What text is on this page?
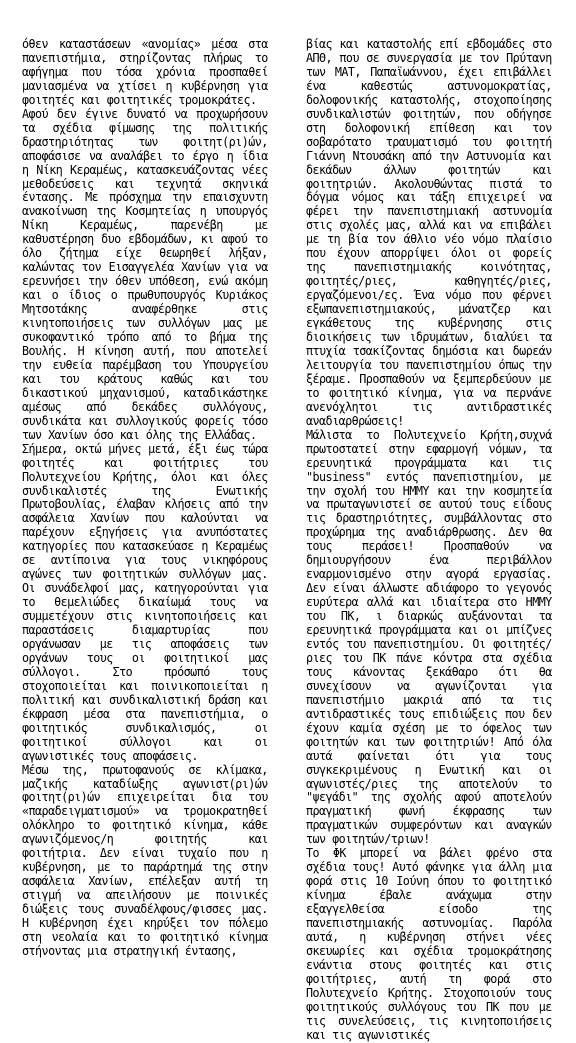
όθεν καταστάσεων «ανομίας» μέσα στα πανεπιστήμια, στηρίζοντας πλήρως το αφήγημα που τόσα χρόνια προσπαθεί μανιασμένα να χτίσει η κυβέρνηση για φοιτητές και φοιτητικές τρομοκράτες.

Αφού δεν έγινε δυνατό να προχωρήσουν τα σχέδια φίμωσης της πολιτικής δραστηριότητας των φοιτητ(ρι)ών, αποφάσισε να αναλάβει το έργο η ίδια η Νίκη Κεραμέως, κατασκευάζοντας νέες μεθοδεύσεις και τεχνητά σκηνικά έντασης. Με πρόσχημα την επαισχυντη ανακοίνωση της Κοσμητείας η υπουργός Νίκη Κεραμέως, παρενέβη με καθυστέρηση δυο εβδομάδων, κι αφού το όλο ζήτημα είχε θεωρηθεί λήξαν, καλώντας τον Εισαγγελέα Χανίων για να ερευνήσει την όθεν υπόθεση, ενώ ακόμη και ο ίδιος ο πρωθυπουργός Κυριάκος Μητσοτάκης αναφέρθηκε στις κινητοποιήσεις των συλλόγων μας με συκοφαντικό τρόπο από το βήμα της Βουλής. Η κίνηση αυτή, που αποτελεί την ευθεία παρέμβαση του Υπουργείου και του κράτους καθώς και του δικαστικού μηχανισμού, καταδικάστηκε αμέσως από δεκάδες συλλόγους, συνδικάτα και συλλογικούς φορείς τόσο των Χανίων όσο και όλης της Ελλάδας.

Σήμερα, οκτώ μήνες μετά, έξι έως τώρα φοιτητές και φοιτήτριες του Πολυτεχνείου Κρήτης, όλοι και όλες συνδικαλιστές της Ενωτικής Πρωτοβουλίας, έλαβαν κλήσεις από την ασφάλεια Χανίων που καλούνται να παρέχουν εξηγήσεις για ανυπόστατες κατηγορίες που κατασκεύασε η Κεραμέως σε αντίποινα για τους νικηφόρους αγώνες των φοιτητικών συλλόγων μας. Οι συνάδελφοί μας, κατηγορούνται για το θεμελιώδες δικαίωμά τους να συμμετέχουν στις κινητοποιήσεις και παραστάσεις διαμαρτυρίας που οργάνωσαν με τις αποφάσεις των οργάνων τους οι φοιτητικοί μας σύλλογοι. Στο πρόσωπό τους στοχοποιείται και ποινικοποιείται η πολιτική και συνδικαλιστική δράση και έκφραση μέσα στα πανεπιστήμια, ο φοιτητικός συνδικαλισμός, οι φοιτητικοί σύλλογοι και οι αγωνιστικές τους αποφάσεις.

Μέσω της, πρωτοφανούς σε κλίμακα, μαζικής καταδίωξης αγωνιστ(ρι)ών φοιτητ(ρι)ών επιχειρείται δια του «παραδειγματισμού» να τρομοκρατηθεί ολόκληρο το φοιτητικό κίνημα, κάθε αγωνιζόμενος/η φοιτητής και φοιτήτρια. Δεν είναι τυχαίο που η κυβέρνηση, με το παράρτημά της στην ασφάλεια Χανίων, επέλεξαν αυτή τη στιγμή να απειλήσουν με ποινικές διώξεις τους συναδέλφους/φισσες μας. Η κυβέρνηση έχει κηρύξει τον πόλεμο στη νεολαία και το φοιτητικό κίνημα στήνοντας μια στρατηγική έντασης,

βίας και καταστολής επί εβδομάδες στο ΑΠΘ, που σε συνεργασία με τον Πρύτανη των ΜΑΤ, Παπαϊωάννου, έχει επιβάλλει ένα καθεστώς αστυνομοκρατίας, δολοφονικής καταστολής, στοχοποίησης συνδικαλιστών φοιτητών, που οδήγησε στη δολοφονική επίθεση και τον σοβαρότατο τραυματισμό του φοιτητή Γιάννη Ντουσάκη από την Αστυνομία και δεκάδων άλλων φοιτητών και φοιτητριών. Ακολουθώντας πιστά το δόγμα νόμος και τάξη επιχειρεί να φέρει την πανεπιστημιακή αστυνομία στις σχολές μας, αλλά και να επιβάλει με τη βία τον άθλιο νέο νόμο πλαίσιο που έχουν απορρίψει όλοι οι φορείς της πανεπιστημιακής κοινότητας, φοιτητές/ριες, καθηγητές/ριες, εργαζόμενοι/ες. Ένα νόμο που φέρνει εξωπανεπιστημιακούς, μάνατζερ και εγκάθετους της κυβέρνησης στις διοικήσεις των ιδρυμάτων, διαλύει τα πτυχία τσακίζοντας δημόσια και δωρεάν λειτουργία του πανεπιστημίου όπως την ξέραμε. Προσπαθούν να ξεμπερδεύουν με το φοιτητικό κίνημα, για να περνάνε ανενόχλητοι τις αντιδραστικές αναδιαρθρώσεις!

Μάλιστα το Πολυτεχνείο Κρήτη,συχνά πρωτοστατεί στην εφαρμογή νόμων, τα ερευνητικά προγράμματα και τις "business" εντός πανεπιστημίου, με την σχολή του ΗΜΜΥ και την κοσμητεία να πρωταγωνιστεί σε αυτού τους είδους τις δραστηριότητες, συμβάλλοντας στο προχώρημα της αναδιάρθρωσης. Δεν θα τους περάσει! Προσπαθούν να δημιουργήσουν ένα περιβάλλον εναρμονισμένο στην αγορά εργασίας. Δεν είναι άλλωστε αδιάφορο το γεγονός ευρύτερα αλλά και ιδιαίτερα στο ΗΜΜΥ του ΠΚ, ι διαρκώς αυξάνονται τα ερευνητικά προγράμματα και οι μπίζνες εντός του πανεπιστημίου. Οι φοιτητές/ριες του ΠΚ πάνε κόντρα στα σχέδια τους κάνοντας ξεκάθαρο ότι θα συνεχίσουν να αγωνίζονται για πανεπιστήμιο μακριά από τα τις αντιδραστικές τους επιδιώξεις που δεν έχουν καμία σχέση με το όφελος των φοιτητών και των φοιτητριών! Από όλα αυτά φαίνεται ότι για τους συγκεκριμένους η Ενωτική και οι αγωνιστές/ριες της αποτελούν το "ψεγάδι" της σχολής αφού αποτελούν πραγματική φωνή έκφρασης των πραγματικών συμφερόντων και αναγκών των φοιτητών/τριων!

Το ΦΚ μπορεί να βάλει φρένο στα σχέδια τους! Αυτό φάνηκε για άλλη μια φορά στις 10 Ιούνη όπου το φοιτητικό κίνημα έβαλε ανάχωμα στην εξαγγελθείσα είσοδο της πανεπιστημιακής αστυνομίας. Παρόλα αυτά, η κυβέρνηση στήνει νέες σκευωρίες και σχέδια τρομοκράτησης ενάντια στους φοιτητές και στις φοιτήτριες, αυτή τη φορά στο Πολυτεχνείο Κρήτης. Στοχοποιούν τους φοιτητικούς συλλόγους του ΠΚ που με τις συνελεύσεις, τις κινητοποιήσεις και τις αγωνιστικές
